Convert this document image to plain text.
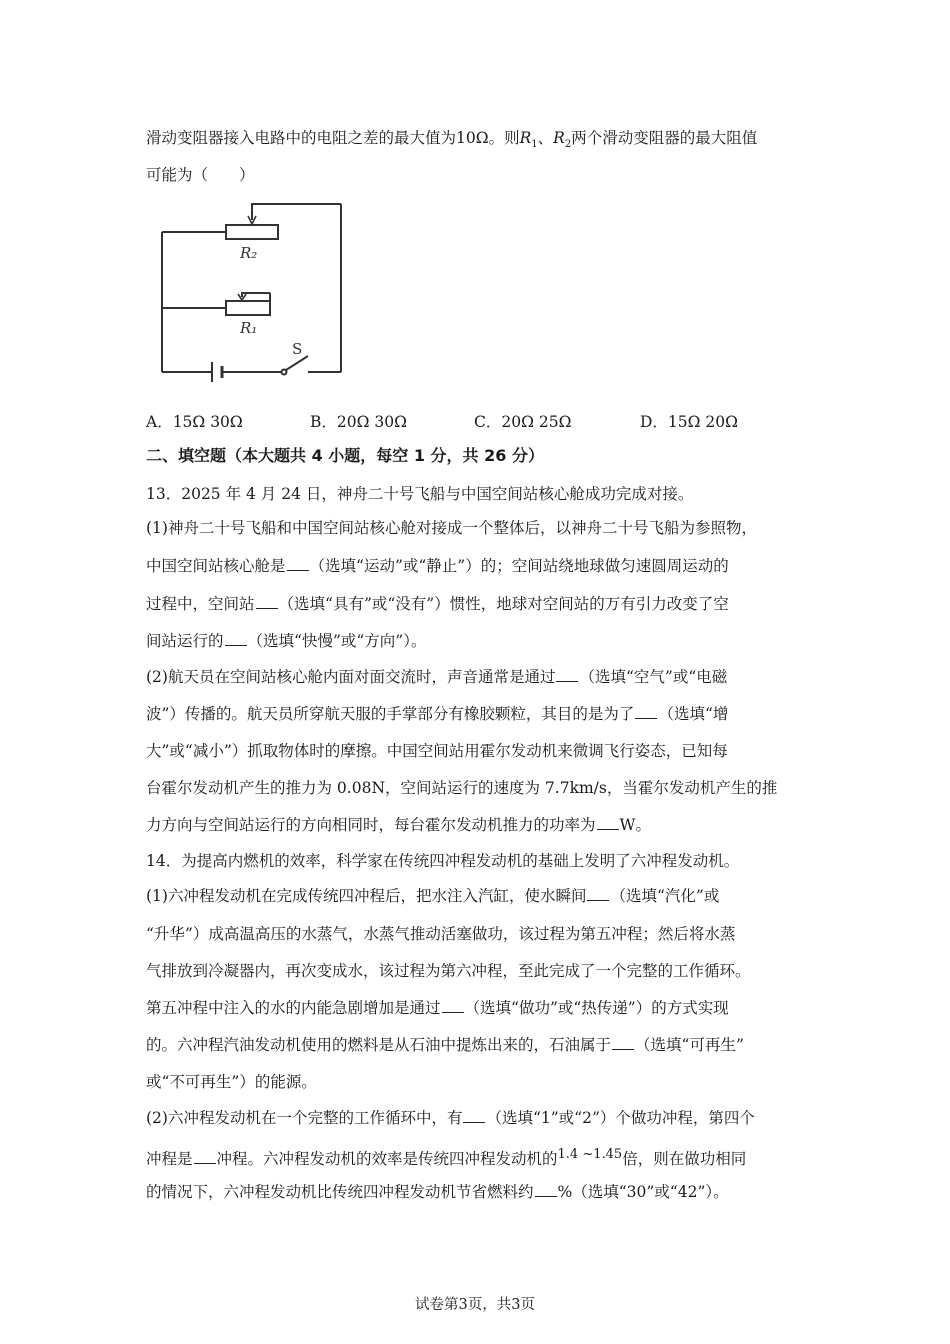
滑动变阻器接入电路中的电阻之差的最大值为10Ω。则$R_1$、$R_2$两个滑动变阻器的最大阻值
可能为（　　）
R₂
R₁
S
A．15Ω 30Ω	B．20Ω 30Ω	C．20Ω 25Ω	D．15Ω 20Ω
二、填空题（本大题共 4 小题，每空 1 分，共 26 分）
13．2025 年 4 月 24 日，神舟二十号飞船与中国空间站核心舱成功完成对接。
(1)神舟二十号飞船和中国空间站核心舱对接成一个整体后，以神舟二十号飞船为参照物，
中国空间站核心舱是 （选填“运动”或“静止”）的；空间站绕地球做匀速圆周运动的
过程中，空间站 （选填“具有”或“没有”）惯性，地球对空间站的万有引力改变了空
间站运行的 （选填“快慢”或“方向”）。
(2)航天员在空间站核心舱内面对面交流时，声音通常是通过 （选填“空气”或“电磁
波”）传播的。航天员所穿航天服的手掌部分有橡胶颗粒，其目的是为了 （选填“增
大”或“减小”）抓取物体时的摩擦。中国空间站用霍尔发动机来微调飞行姿态，已知每
台霍尔发动机产生的推力为 0.08N，空间站运行的速度为 7.7km/s，当霍尔发动机产生的推
力方向与空间站运行的方向相同时，每台霍尔发动机推力的功率为 W。
14．为提高内燃机的效率，科学家在传统四冲程发动机的基础上发明了六冲程发动机。
(1)六冲程发动机在完成传统四冲程后，把水注入汽缸，使水瞬间 （选填“汽化”或
“升华”）成高温高压的水蒸气，水蒸气推动活塞做功，该过程为第五冲程；然后将水蒸
气排放到冷凝器内，再次变成水，该过程为第六冲程，至此完成了一个完整的工作循环。
第五冲程中注入的水的内能急剧增加是通过 （选填“做功”或“热传递”）的方式实现
的。六冲程汽油发动机使用的燃料是从石油中提炼出来的，石油属于 （选填“可再生”
或“不可再生”）的能源。
(2)六冲程发动机在一个完整的工作循环中，有 （选填“1”或“2”）个做功冲程，第四个
冲程是 冲程。六冲程发动机的效率是传统四冲程发动机的$^{1.4 \sim 1.45}$倍，则在做功相同
的情况下，六冲程发动机比传统四冲程发动机节省燃料约 %（选填“30”或“42”）。
试卷第3页，共3页
